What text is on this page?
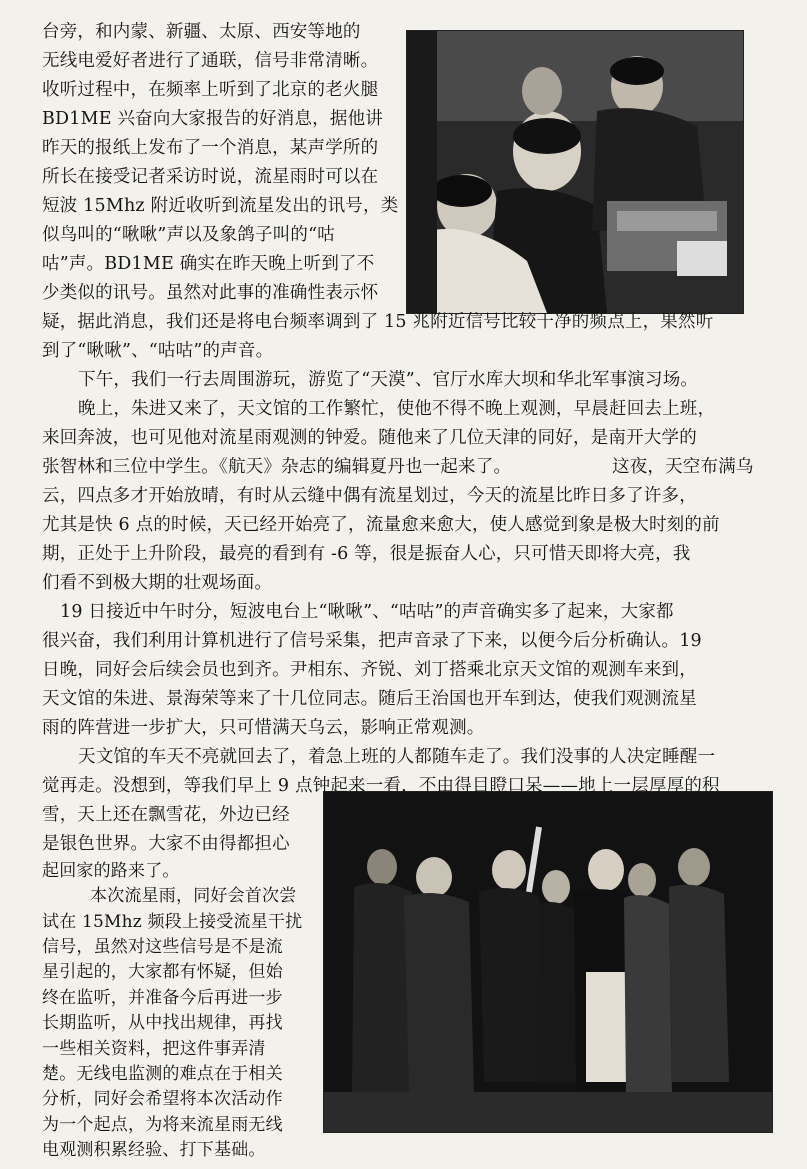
台旁，和内蒙、新疆、太原、西安等地的
无线电爱好者进行了通联，信号非常清晰。
收听过程中，在频率上听到了北京的老火腿
BD1ME 兴奋向大家报告的好消息，据他讲
昨天的报纸上发布了一个消息，某声学所的
所长在接受记者采访时说，流星雨时可以在
短波 15Mhz 附近收听到流星发出的讯号，类
似鸟叫的“啾啾”声以及象鸽子叫的“咕
咕”声。BD1ME 确实在昨天晚上听到了不
少类似的讯号。虽然对此事的准确性表示怀
疑，据此消息，我们还是将电台频率调到了 15 兆附近信号比较干净的频点上，果然听
到了“啾啾”、“咕咕”的声音。
下午，我们一行去周围游玩，游览了“天漠”、官厅水库大坝和华北军事演习场。
晚上，朱进又来了，天文馆的工作繁忙，使他不得不晚上观测，早晨赶回去上班，
来回奔波，也可见他对流星雨观测的钟爱。随他来了几位天津的同好，是南开大学的
张智林和三位中学生。《航天》杂志的编辑夏丹也一起来了。	这夜，天空布满乌
云，四点多才开始放晴，有时从云缝中偶有流星划过，今天的流星比昨日多了许多，
尤其是快 6 点的时候，天已经开始亮了，流量愈来愈大，使人感觉到象是极大时刻的前
期，正处于上升阶段，最亮的看到有 -6 等，很是振奋人心，只可惜天即将大亮，我
们看不到极大期的壮观场面。
19 日接近中午时分，短波电台上“啾啾”、“咕咕”的声音确实多了起来，大家都
很兴奋，我们利用计算机进行了信号采集，把声音录了下来，以便今后分析确认。19
日晚，同好会后续会员也到齐。尹相东、齐锐、刘丁搭乘北京天文馆的观测车来到，
天文馆的朱进、景海荣等来了十几位同志。随后王治国也开车到达，使我们观测流星
雨的阵营进一步扩大，只可惜满天乌云，影响正常观测。
天文馆的车天不亮就回去了，着急上班的人都随车走了。我们没事的人决定睡醒一
觉再走。没想到，等我们早上 9 点钟起来一看，不由得目瞪口呆——地上一层厚厚的积
雪，天上还在飘雪花，外边已经
是银色世界。大家不由得都担心
起回家的路来了。
本次流星雨，同好会首次尝
试在 15Mhz 频段上接受流星干扰
信号，虽然对这些信号是不是流
星引起的，大家都有怀疑，但始
终在监听，并准备今后再进一步
长期监听，从中找出规律，再找
一些相关资料，把这件事弄清
楚。无线电监测的难点在于相关
分析，同好会希望将本次活动作
为一个起点，为将来流星雨无线
电观测积累经验、打下基础。
